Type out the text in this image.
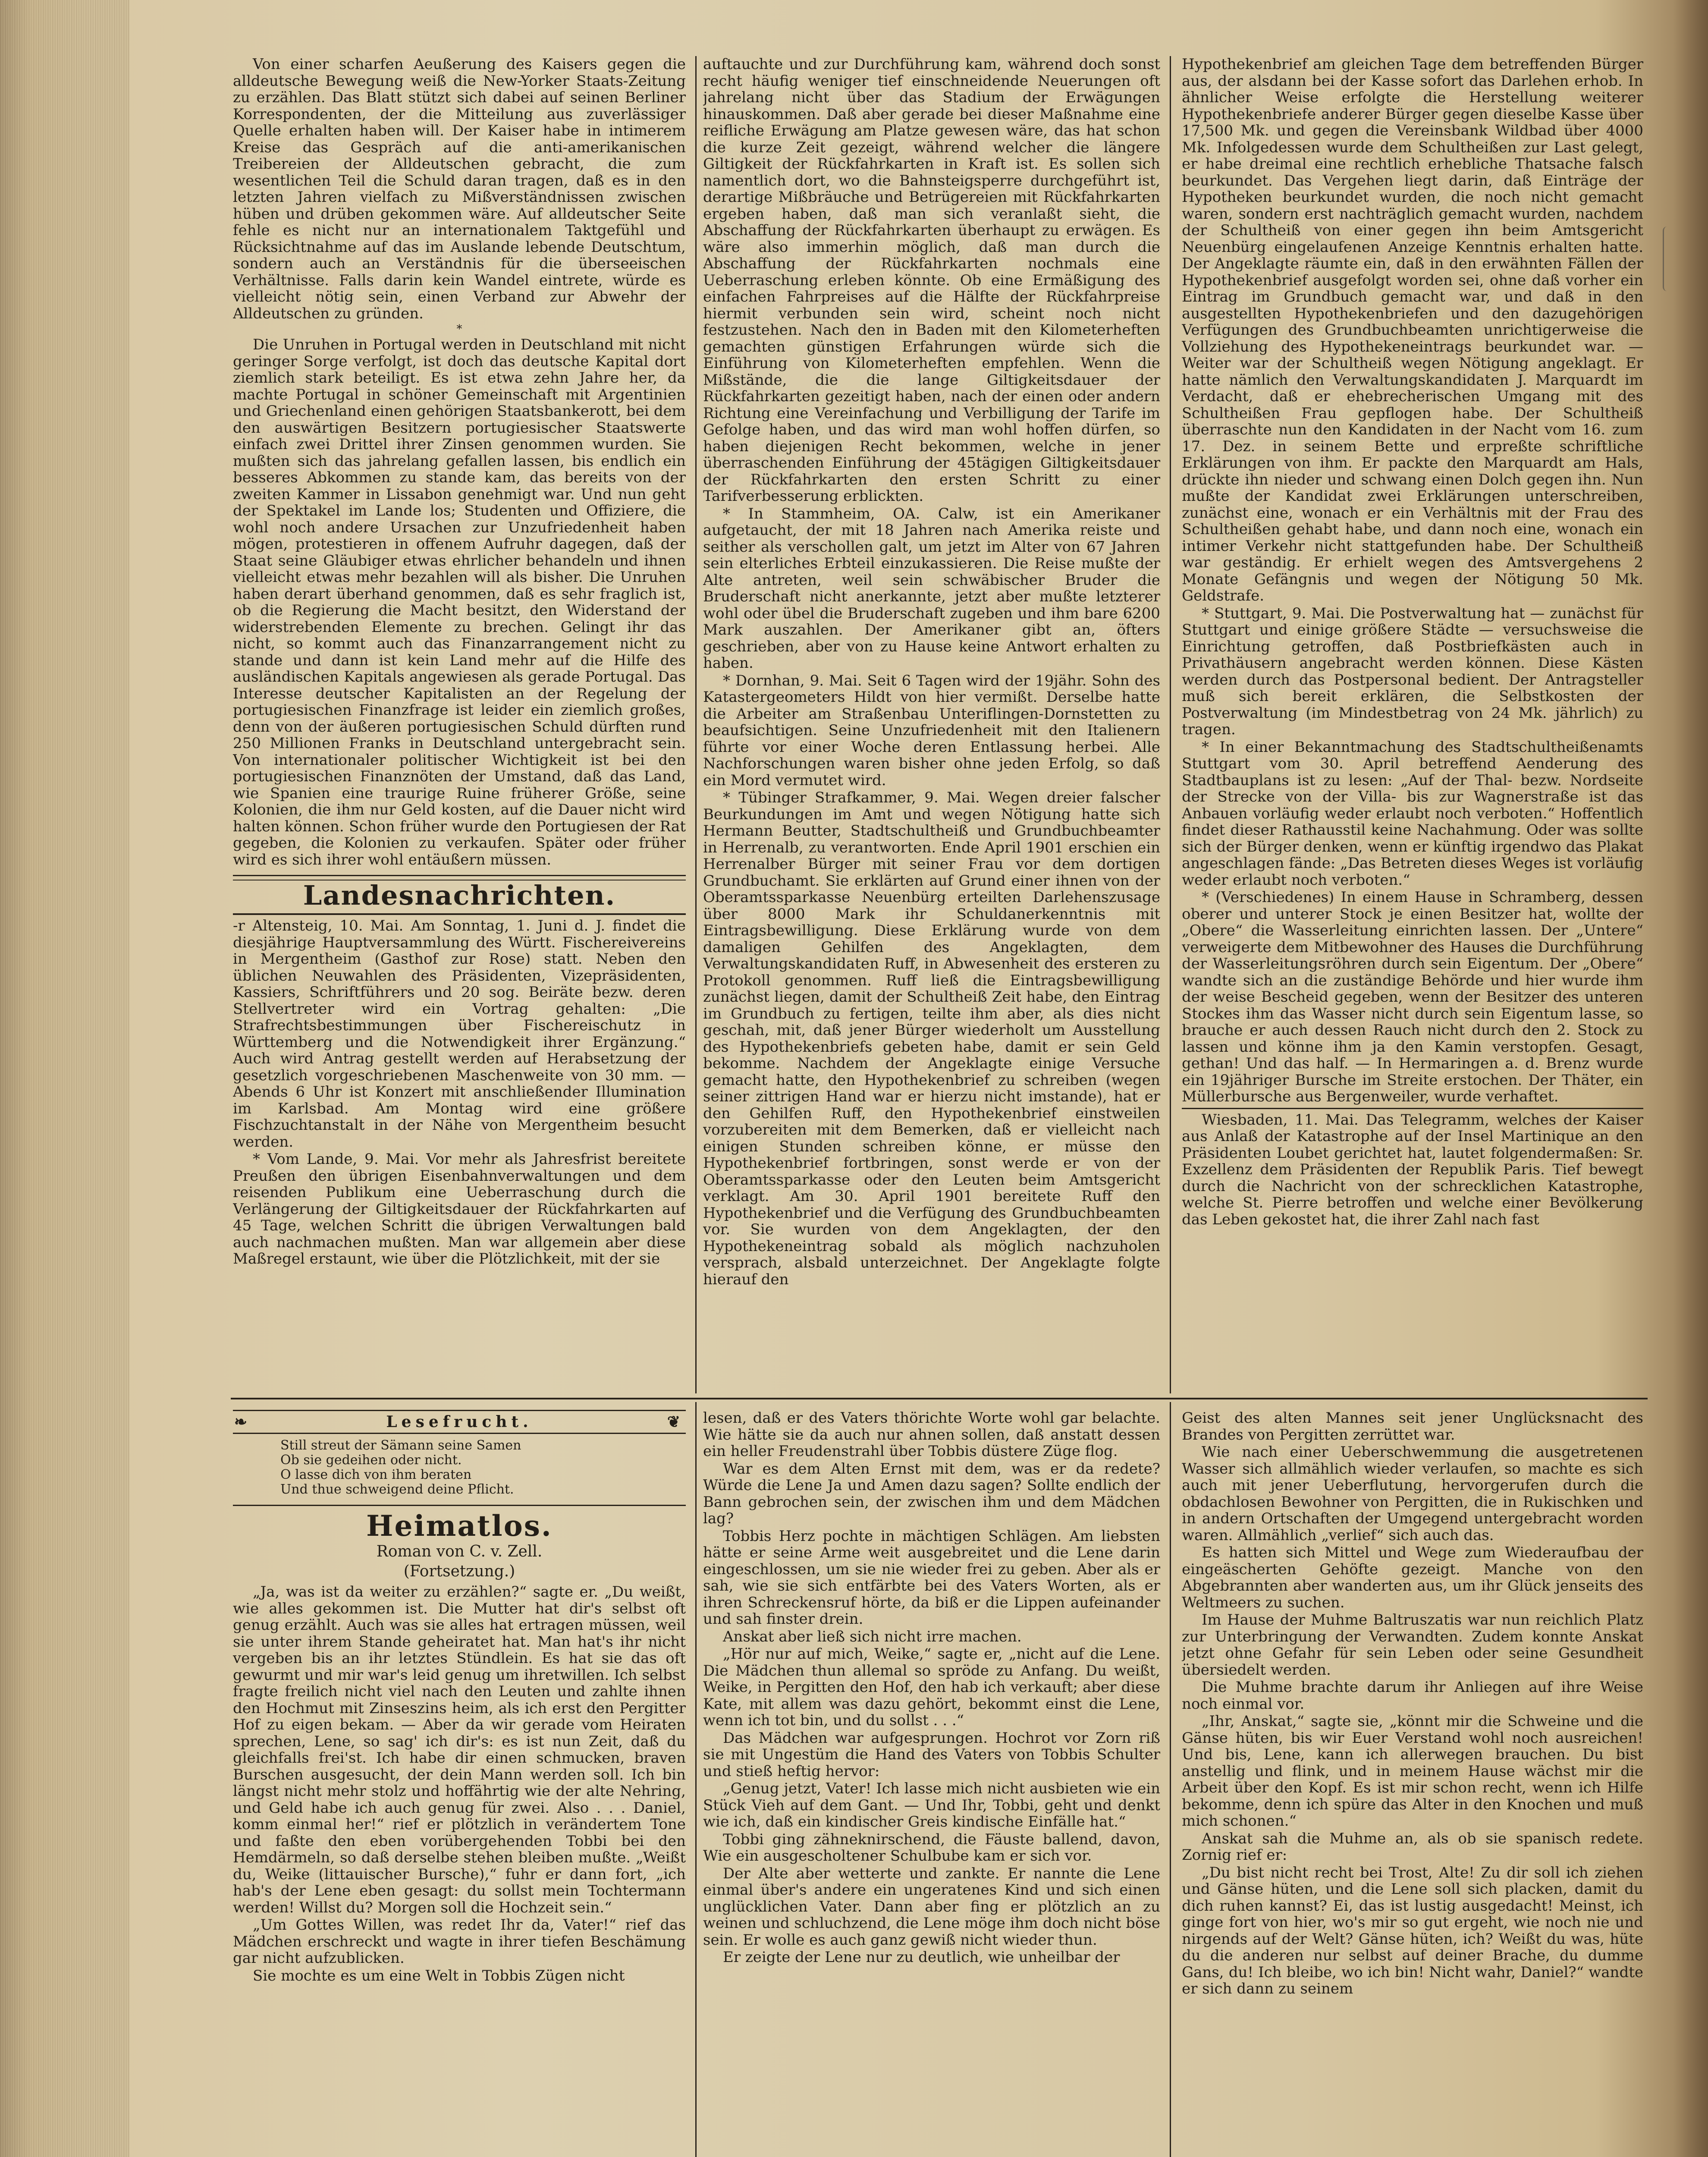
Von einer scharfen Aeußerung des Kaisers gegen die alldeutsche Bewegung weiß die New-Yorker Staats-Zeitung zu erzählen. Das Blatt stützt sich dabei auf seinen Berliner Korrespondenten, der die Mitteilung aus zuverlässiger Quelle erhalten haben will. Der Kaiser habe in intimerem Kreise das Gespräch auf die anti-amerikanischen Treibereien der Alldeutschen gebracht, die zum wesentlichen Teil die Schuld daran tragen, daß es in den letzten Jahren vielfach zu Mißverständnissen zwischen hüben und drüben gekommen wäre. Auf alldeutscher Seite fehle es nicht nur an internationalem Taktgefühl und Rücksichtnahme auf das im Auslande lebende Deutschtum, sondern auch an Verständnis für die überseeischen Verhältnisse. Falls darin kein Wandel eintrete, würde es vielleicht nötig sein, einen Verband zur Abwehr der Alldeutschen zu gründen.

*

Die Unruhen in Portugal werden in Deutschland mit nicht geringer Sorge verfolgt, ist doch das deutsche Kapital dort ziemlich stark beteiligt. Es ist etwa zehn Jahre her, da machte Portugal in schöner Gemeinschaft mit Argentinien und Griechenland einen gehörigen Staatsbankerott, bei dem den auswärtigen Besitzern portugiesischer Staatswerte einfach zwei Drittel ihrer Zinsen genommen wurden. Sie mußten sich das jahrelang gefallen lassen, bis endlich ein besseres Abkommen zu stande kam, das bereits von der zweiten Kammer in Lissabon genehmigt war. Und nun geht der Spektakel im Lande los; Studenten und Offiziere, die wohl noch andere Ursachen zur Unzufriedenheit haben mögen, protestieren in offenem Aufruhr dagegen, daß der Staat seine Gläubiger etwas ehrlicher behandeln und ihnen vielleicht etwas mehr bezahlen will als bisher. Die Unruhen haben derart überhand genommen, daß es sehr fraglich ist, ob die Regierung die Macht besitzt, den Widerstand der widerstrebenden Elemente zu brechen. Gelingt ihr das nicht, so kommt auch das Finanzarrangement nicht zu stande und dann ist kein Land mehr auf die Hilfe des ausländischen Kapitals angewiesen als gerade Portugal. Das Interesse deutscher Kapitalisten an der Regelung der portugiesischen Finanzfrage ist leider ein ziemlich großes, denn von der äußeren portugiesischen Schuld dürften rund 250 Millionen Franks in Deutschland untergebracht sein. Von internationaler politischer Wichtigkeit ist bei den portugiesischen Finanznöten der Umstand, daß das Land, wie Spanien eine traurige Ruine früherer Größe, seine Kolonien, die ihm nur Geld kosten, auf die Dauer nicht wird halten können. Schon früher wurde den Portugiesen der Rat gegeben, die Kolonien zu verkaufen. Später oder früher wird es sich ihrer wohl entäußern müssen.

Landesnachrichten.

-r Altensteig, 10. Mai. Am Sonntag, 1. Juni d. J. findet die diesjährige Hauptversammlung des Württ. Fischereivereins in Mergentheim (Gasthof zur Rose) statt. Neben den üblichen Neuwahlen des Präsidenten, Vizepräsidenten, Kassiers, Schriftführers und 20 sog. Beiräte bezw. deren Stellvertreter wird ein Vortrag gehalten: „Die Strafrechtsbestimmungen über Fischereischutz in Württemberg und die Notwendigkeit ihrer Ergänzung.“ Auch wird Antrag gestellt werden auf Herabsetzung der gesetzlich vorgeschriebenen Maschenweite von 30 mm. — Abends 6 Uhr ist Konzert mit anschließender Illumination im Karlsbad. Am Montag wird eine größere Fischzuchtanstalt in der Nähe von Mergentheim besucht werden.

* Vom Lande, 9. Mai. Vor mehr als Jahresfrist bereitete Preußen den übrigen Eisenbahnverwaltungen und dem reisenden Publikum eine Ueberraschung durch die Verlängerung der Giltigkeitsdauer der Rückfahrkarten auf 45 Tage, welchen Schritt die übrigen Verwaltungen bald auch nachmachen mußten. Man war allgemein aber diese Maßregel erstaunt, wie über die Plötzlichkeit, mit der sie

auftauchte und zur Durchführung kam, während doch sonst recht häufig weniger tief einschneidende Neuerungen oft jahrelang nicht über das Stadium der Erwägungen hinauskommen. Daß aber gerade bei dieser Maßnahme eine reifliche Erwägung am Platze gewesen wäre, das hat schon die kurze Zeit gezeigt, während welcher die längere Giltigkeit der Rückfahrkarten in Kraft ist. Es sollen sich namentlich dort, wo die Bahnsteigsperre durchgeführt ist, derartige Mißbräuche und Betrügereien mit Rückfahrkarten ergeben haben, daß man sich veranlaßt sieht, die Abschaffung der Rückfahrkarten überhaupt zu erwägen. Es wäre also immerhin möglich, daß man durch die Abschaffung der Rückfahrkarten nochmals eine Ueberraschung erleben könnte. Ob eine Ermäßigung des einfachen Fahrpreises auf die Hälfte der Rückfahrpreise hiermit verbunden sein wird, scheint noch nicht festzustehen. Nach den in Baden mit den Kilometerheften gemachten günstigen Erfahrungen würde sich die Einführung von Kilometerheften empfehlen. Wenn die Mißstände, die die lange Giltigkeitsdauer der Rückfahrkarten gezeitigt haben, nach der einen oder andern Richtung eine Vereinfachung und Verbilligung der Tarife im Gefolge haben, und das wird man wohl hoffen dürfen, so haben diejenigen Recht bekommen, welche in jener überraschenden Einführung der 45tägigen Giltigkeitsdauer der Rückfahrkarten den ersten Schritt zu einer Tarifverbesserung erblickten.

* In Stammheim, OA. Calw, ist ein Amerikaner aufgetaucht, der mit 18 Jahren nach Amerika reiste und seither als verschollen galt, um jetzt im Alter von 67 Jahren sein elterliches Erbteil einzukassieren. Die Reise mußte der Alte antreten, weil sein schwäbischer Bruder die Bruderschaft nicht anerkannte, jetzt aber mußte letzterer wohl oder übel die Bruderschaft zugeben und ihm bare 6200 Mark auszahlen. Der Amerikaner gibt an, öfters geschrieben, aber von zu Hause keine Antwort erhalten zu haben.

* Dornhan, 9. Mai. Seit 6 Tagen wird der 19jähr. Sohn des Katastergeometers Hildt von hier vermißt. Derselbe hatte die Arbeiter am Straßenbau Unteriflingen-Dornstetten zu beaufsichtigen. Seine Unzufriedenheit mit den Italienern führte vor einer Woche deren Entlassung herbei. Alle Nachforschungen waren bisher ohne jeden Erfolg, so daß ein Mord vermutet wird.

* Tübinger Strafkammer, 9. Mai. Wegen dreier falscher Beurkundungen im Amt und wegen Nötigung hatte sich Hermann Beutter, Stadtschultheiß und Grundbuchbeamter in Herrenalb, zu verantworten. Ende April 1901 erschien ein Herrenalber Bürger mit seiner Frau vor dem dortigen Grundbuchamt. Sie erklärten auf Grund einer ihnen von der Oberamtssparkasse Neuenbürg erteilten Darlehenszusage über 8000 Mark ihr Schuldanerkenntnis mit Eintragsbewilligung. Diese Erklärung wurde von dem damaligen Gehilfen des Angeklagten, dem Verwaltungskandidaten Ruff, in Abwesenheit des ersteren zu Protokoll genommen. Ruff ließ die Eintragsbewilligung zunächst liegen, damit der Schultheiß Zeit habe, den Eintrag im Grundbuch zu fertigen, teilte ihm aber, als dies nicht geschah, mit, daß jener Bürger wiederholt um Ausstellung des Hypothekenbriefs gebeten habe, damit er sein Geld bekomme. Nachdem der Angeklagte einige Versuche gemacht hatte, den Hypothekenbrief zu schreiben (wegen seiner zittrigen Hand war er hierzu nicht imstande), hat er den Gehilfen Ruff, den Hypothekenbrief einstweilen vorzubereiten mit dem Bemerken, daß er vielleicht nach einigen Stunden schreiben könne, er müsse den Hypothekenbrief fortbringen, sonst werde er von der Oberamtssparkasse oder den Leuten beim Amtsgericht verklagt. Am 30. April 1901 bereitete Ruff den Hypothekenbrief und die Verfügung des Grundbuchbeamten vor. Sie wurden von dem Angeklagten, der den Hypothekeneintrag sobald als möglich nachzuholen versprach, alsbald unterzeichnet. Der Angeklagte folgte hierauf den

Hypothekenbrief am gleichen Tage dem betreffenden Bürger aus, der alsdann bei der Kasse sofort das Darlehen erhob. In ähnlicher Weise erfolgte die Herstellung weiterer Hypothekenbriefe anderer Bürger gegen dieselbe Kasse über 17,500 Mk. und gegen die Vereinsbank Wildbad über 4000 Mk. Infolgedessen wurde dem Schultheißen zur Last gelegt, er habe dreimal eine rechtlich erhebliche Thatsache falsch beurkundet. Das Vergehen liegt darin, daß Einträge der Hypotheken beurkundet wurden, die noch nicht gemacht waren, sondern erst nachträglich gemacht wurden, nachdem der Schultheiß von einer gegen ihn beim Amtsgericht Neuenbürg eingelaufenen Anzeige Kenntnis erhalten hatte. Der Angeklagte räumte ein, daß in den erwähnten Fällen der Hypothekenbrief ausgefolgt worden sei, ohne daß vorher ein Eintrag im Grundbuch gemacht war, und daß in den ausgestellten Hypothekenbriefen und den dazugehörigen Verfügungen des Grundbuchbeamten unrichtigerweise die Vollziehung des Hypothekeneintrags beurkundet war. — Weiter war der Schultheiß wegen Nötigung angeklagt. Er hatte nämlich den Verwaltungskandidaten J. Marquardt im Verdacht, daß er ehebrecherischen Umgang mit des Schultheißen Frau gepflogen habe. Der Schultheiß überraschte nun den Kandidaten in der Nacht vom 16. zum 17. Dez. in seinem Bette und erpreßte schriftliche Erklärungen von ihm. Er packte den Marquardt am Hals, drückte ihn nieder und schwang einen Dolch gegen ihn. Nun mußte der Kandidat zwei Erklärungen unterschreiben, zunächst eine, wonach er ein Verhältnis mit der Frau des Schultheißen gehabt habe, und dann noch eine, wonach ein intimer Verkehr nicht stattgefunden habe. Der Schultheiß war geständig. Er erhielt wegen des Amtsvergehens 2 Monate Gefängnis und wegen der Nötigung 50 Mk. Geldstrafe.

* Stuttgart, 9. Mai. Die Postverwaltung hat — zunächst für Stuttgart und einige größere Städte — versuchsweise die Einrichtung getroffen, daß Postbriefkästen auch in Privathäusern angebracht werden können. Diese Kästen werden durch das Postpersonal bedient. Der Antragsteller muß sich bereit erklären, die Selbstkosten der Postverwaltung (im Mindestbetrag von 24 Mk. jährlich) zu tragen.

* In einer Bekanntmachung des Stadtschultheißenamts Stuttgart vom 30. April betreffend Aenderung des Stadtbauplans ist zu lesen: „Auf der Thal- bezw. Nordseite der Strecke von der Villa- bis zur Wagnerstraße ist das Anbauen vorläufig weder erlaubt noch verboten.“ Hoffentlich findet dieser Rathausstil keine Nachahmung. Oder was sollte sich der Bürger denken, wenn er künftig irgendwo das Plakat angeschlagen fände: „Das Betreten dieses Weges ist vorläufig weder erlaubt noch verboten.“

* (Verschiedenes) In einem Hause in Schramberg, dessen oberer und unterer Stock je einen Besitzer hat, wollte der „Obere“ die Wasserleitung einrichten lassen. Der „Untere“ verweigerte dem Mitbewohner des Hauses die Durchführung der Wasserleitungsröhren durch sein Eigentum. Der „Obere“ wandte sich an die zuständige Behörde und hier wurde ihm der weise Bescheid gegeben, wenn der Besitzer des unteren Stockes ihm das Wasser nicht durch sein Eigentum lasse, so brauche er auch dessen Rauch nicht durch den 2. Stock zu lassen und könne ihm ja den Kamin verstopfen. Gesagt, gethan! Und das half. — In Hermaringen a. d. Brenz wurde ein 19jähriger Bursche im Streite erstochen. Der Thäter, ein Müllerbursche aus Bergenweiler, wurde verhaftet.

Wiesbaden, 11. Mai. Das Telegramm, welches der Kaiser aus Anlaß der Katastrophe auf der Insel Martinique an den Präsidenten Loubet gerichtet hat, lautet folgendermaßen: Sr. Exzellenz dem Präsidenten der Republik Paris. Tief bewegt durch die Nachricht von der schrecklichen Katastrophe, welche St. Pierre betroffen und welche einer Bevölkerung das Leben gekostet hat, die ihrer Zahl nach fast

❧	Lesefrucht.	❦
Still streut der Sämann seine Samen
Ob sie gedeihen oder nicht.
O lasse dich von ihm beraten
Und thue schweigend deine Pflicht.
Heimatlos.

Roman von C. v. Zell.

(Fortsetzung.)

„Ja, was ist da weiter zu erzählen?“ sagte er. „Du weißt, wie alles gekommen ist. Die Mutter hat dir's selbst oft genug erzählt. Auch was sie alles hat ertragen müssen, weil sie unter ihrem Stande geheiratet hat. Man hat's ihr nicht vergeben bis an ihr letztes Stündlein. Es hat sie das oft gewurmt und mir war's leid genug um ihretwillen. Ich selbst fragte freilich nicht viel nach den Leuten und zahlte ihnen den Hochmut mit Zinseszins heim, als ich erst den Pergitter Hof zu eigen bekam. — Aber da wir gerade vom Heiraten sprechen, Lene, so sag' ich dir's: es ist nun Zeit, daß du gleichfalls frei'st. Ich habe dir einen schmucken, braven Burschen ausgesucht, der dein Mann werden soll. Ich bin längst nicht mehr stolz und hoffährtig wie der alte Nehring, und Geld habe ich auch genug für zwei. Also . . . Daniel, komm einmal her!“ rief er plötzlich in verändertem Tone und faßte den eben vorübergehenden Tobbi bei den Hemdärmeln, so daß derselbe stehen bleiben mußte. „Weißt du, Weike (littauischer Bursche),“ fuhr er dann fort, „ich hab's der Lene eben gesagt: du sollst mein Tochtermann werden! Willst du? Morgen soll die Hochzeit sein.“

„Um Gottes Willen, was redet Ihr da, Vater!“ rief das Mädchen erschreckt und wagte in ihrer tiefen Beschämung gar nicht aufzublicken.

Sie mochte es um eine Welt in Tobbis Zügen nicht

lesen, daß er des Vaters thörichte Worte wohl gar belachte. Wie hätte sie da auch nur ahnen sollen, daß anstatt dessen ein heller Freudenstrahl über Tobbis düstere Züge flog.

War es dem Alten Ernst mit dem, was er da redete? Würde die Lene Ja und Amen dazu sagen? Sollte endlich der Bann gebrochen sein, der zwischen ihm und dem Mädchen lag?

Tobbis Herz pochte in mächtigen Schlägen. Am liebsten hätte er seine Arme weit ausgebreitet und die Lene darin eingeschlossen, um sie nie wieder frei zu geben. Aber als er sah, wie sie sich entfärbte bei des Vaters Worten, als er ihren Schreckensruf hörte, da biß er die Lippen aufeinander und sah finster drein.

Anskat aber ließ sich nicht irre machen.

„Hör nur auf mich, Weike,“ sagte er, „nicht auf die Lene. Die Mädchen thun allemal so spröde zu Anfang. Du weißt, Weike, in Pergitten den Hof, den hab ich verkauft; aber diese Kate, mit allem was dazu gehört, bekommt einst die Lene, wenn ich tot bin, und du sollst . . .“

Das Mädchen war aufgesprungen. Hochrot vor Zorn riß sie mit Ungestüm die Hand des Vaters von Tobbis Schulter und stieß heftig hervor:

„Genug jetzt, Vater! Ich lasse mich nicht ausbieten wie ein Stück Vieh auf dem Gant. — Und Ihr, Tobbi, geht und denkt wie ich, daß ein kindischer Greis kindische Einfälle hat.“

Tobbi ging zähneknirschend, die Fäuste ballend, davon, Wie ein ausgescholtener Schulbube kam er sich vor.

Der Alte aber wetterte und zankte. Er nannte die Lene einmal über's andere ein ungeratenes Kind und sich einen unglücklichen Vater. Dann aber fing er plötzlich an zu weinen und schluchzend, die Lene möge ihm doch nicht böse sein. Er wolle es auch ganz gewiß nicht wieder thun.

Er zeigte der Lene nur zu deutlich, wie unheilbar der

Geist des alten Mannes seit jener Unglücksnacht des Brandes von Pergitten zerrüttet war.

Wie nach einer Ueberschwemmung die ausgetretenen Wasser sich allmählich wieder verlaufen, so machte es sich auch mit jener Ueberflutung, hervorgerufen durch die obdachlosen Bewohner von Pergitten, die in Rukischken und in andern Ortschaften der Umgegend untergebracht worden waren. Allmählich „verlief“ sich auch das.

Es hatten sich Mittel und Wege zum Wiederaufbau der eingeäscherten Gehöfte gezeigt. Manche von den Abgebrannten aber wanderten aus, um ihr Glück jenseits des Weltmeers zu suchen.

Im Hause der Muhme Baltruszatis war nun reichlich Platz zur Unterbringung der Verwandten. Zudem konnte Anskat jetzt ohne Gefahr für sein Leben oder seine Gesundheit übersiedelt werden.

Die Muhme brachte darum ihr Anliegen auf ihre Weise noch einmal vor.

„Ihr, Anskat,“ sagte sie, „könnt mir die Schweine und die Gänse hüten, bis wir Euer Verstand wohl noch ausreichen! Und bis, Lene, kann ich allerwegen brauchen. Du bist anstellig und flink, und in meinem Hause wächst mir die Arbeit über den Kopf. Es ist mir schon recht, wenn ich Hilfe bekomme, denn ich spüre das Alter in den Knochen und muß mich schonen.“

Anskat sah die Muhme an, als ob sie spanisch redete. Zornig rief er:

„Du bist nicht recht bei Trost, Alte! Zu dir soll ich ziehen und Gänse hüten, und die Lene soll sich placken, damit du dich ruhen kannst? Ei, das ist lustig ausgedacht! Meinst, ich ginge fort von hier, wo's mir so gut ergeht, wie noch nie und nirgends auf der Welt? Gänse hüten, ich? Weißt du was, hüte du die anderen nur selbst auf deiner Brache, du dumme Gans, du! Ich bleibe, wo ich bin! Nicht wahr, Daniel?“ wandte er sich dann zu seinem
